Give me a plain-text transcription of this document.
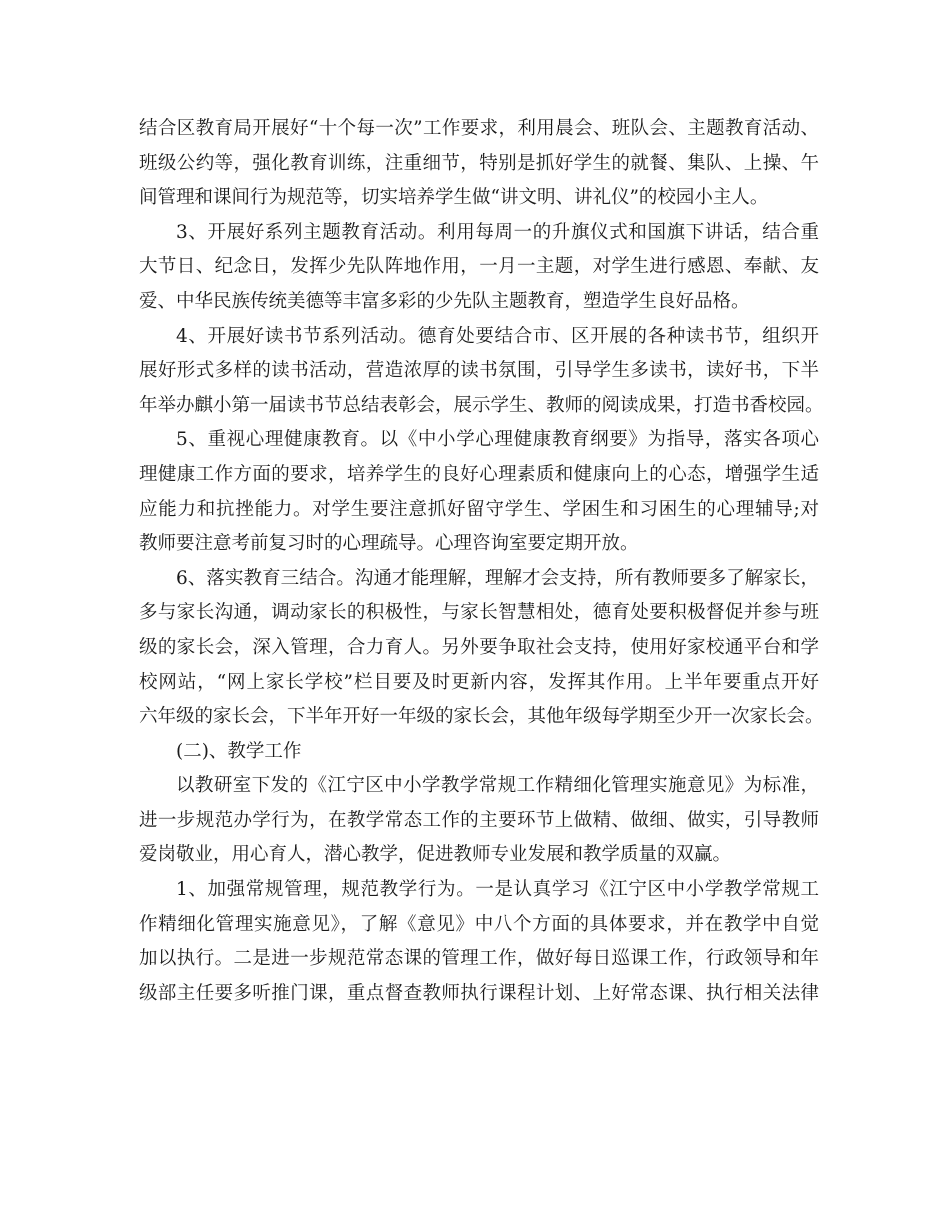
结合区教育局开展好“十个每一次”工作要求，利用晨会、班队会、主题教育活动、
班级公约等，强化教育训练，注重细节，特别是抓好学生的就餐、集队、上操、午
间管理和课间行为规范等，切实培养学生做“讲文明、讲礼仪”的校园小主人。
3、开展好系列主题教育活动。利用每周一的升旗仪式和国旗下讲话，结合重
大节日、纪念日，发挥少先队阵地作用，一月一主题，对学生进行感恩、奉献、友
爱、中华民族传统美德等丰富多彩的少先队主题教育，塑造学生良好品格。
4、开展好读书节系列活动。德育处要结合市、区开展的各种读书节，组织开
展好形式多样的读书活动，营造浓厚的读书氛围，引导学生多读书，读好书，下半
年举办麒小第一届读书节总结表彰会，展示学生、教师的阅读成果，打造书香校园。
5、重视心理健康教育。以《中小学心理健康教育纲要》为指导，落实各项心
理健康工作方面的要求，培养学生的良好心理素质和健康向上的心态，增强学生适
应能力和抗挫能力。对学生要注意抓好留守学生、学困生和习困生的心理辅导;对
教师要注意考前复习时的心理疏导。心理咨询室要定期开放。
6、落实教育三结合。沟通才能理解，理解才会支持，所有教师要多了解家长，
多与家长沟通，调动家长的积极性，与家长智慧相处，德育处要积极督促并参与班
级的家长会，深入管理，合力育人。另外要争取社会支持，使用好家校通平台和学
校网站，“网上家长学校”栏目要及时更新内容，发挥其作用。上半年要重点开好
六年级的家长会，下半年开好一年级的家长会，其他年级每学期至少开一次家长会。
(二)、教学工作
以教研室下发的《江宁区中小学教学常规工作精细化管理实施意见》为标准，
进一步规范办学行为，在教学常态工作的主要环节上做精、做细、做实，引导教师
爱岗敬业，用心育人，潜心教学，促进教师专业发展和教学质量的双赢。
1、加强常规管理，规范教学行为。一是认真学习《江宁区中小学教学常规工
作精细化管理实施意见》，了解《意见》中八个方面的具体要求，并在教学中自觉
加以执行。二是进一步规范常态课的管理工作，做好每日巡课工作，行政领导和年
级部主任要多听推门课，重点督查教师执行课程计划、上好常态课、执行相关法律
